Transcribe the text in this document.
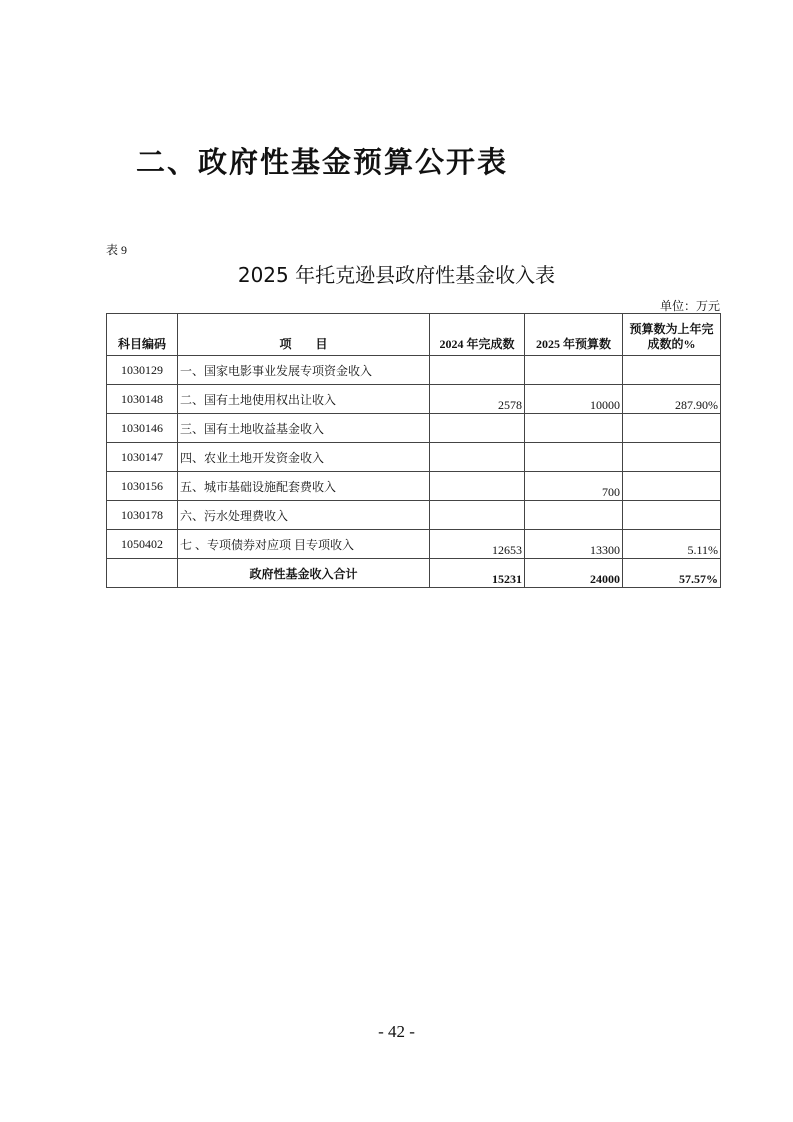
二、政府性基金预算公开表
表 9
2025 年托克逊县政府性基金收入表
单位：万元
科目编码	项　　目	2024 年完成数	2025 年预算数	预算数为上年完成数的%
1030129	一、国家电影事业发展专项资金收入			
1030148	二、国有土地使用权出让收入	2578	10000	287.90%
1030146	三、国有土地收益基金收入			
1030147	四、农业土地开发资金收入			
1030156	五、城市基础设施配套费收入		700	
1030178	六、污水处理费收入			
1050402	七 、专项债券对应项 目专项收入	12653	13300	5.11%
	政府性基金收入合计	15231	24000	57.57%
- 42 -
